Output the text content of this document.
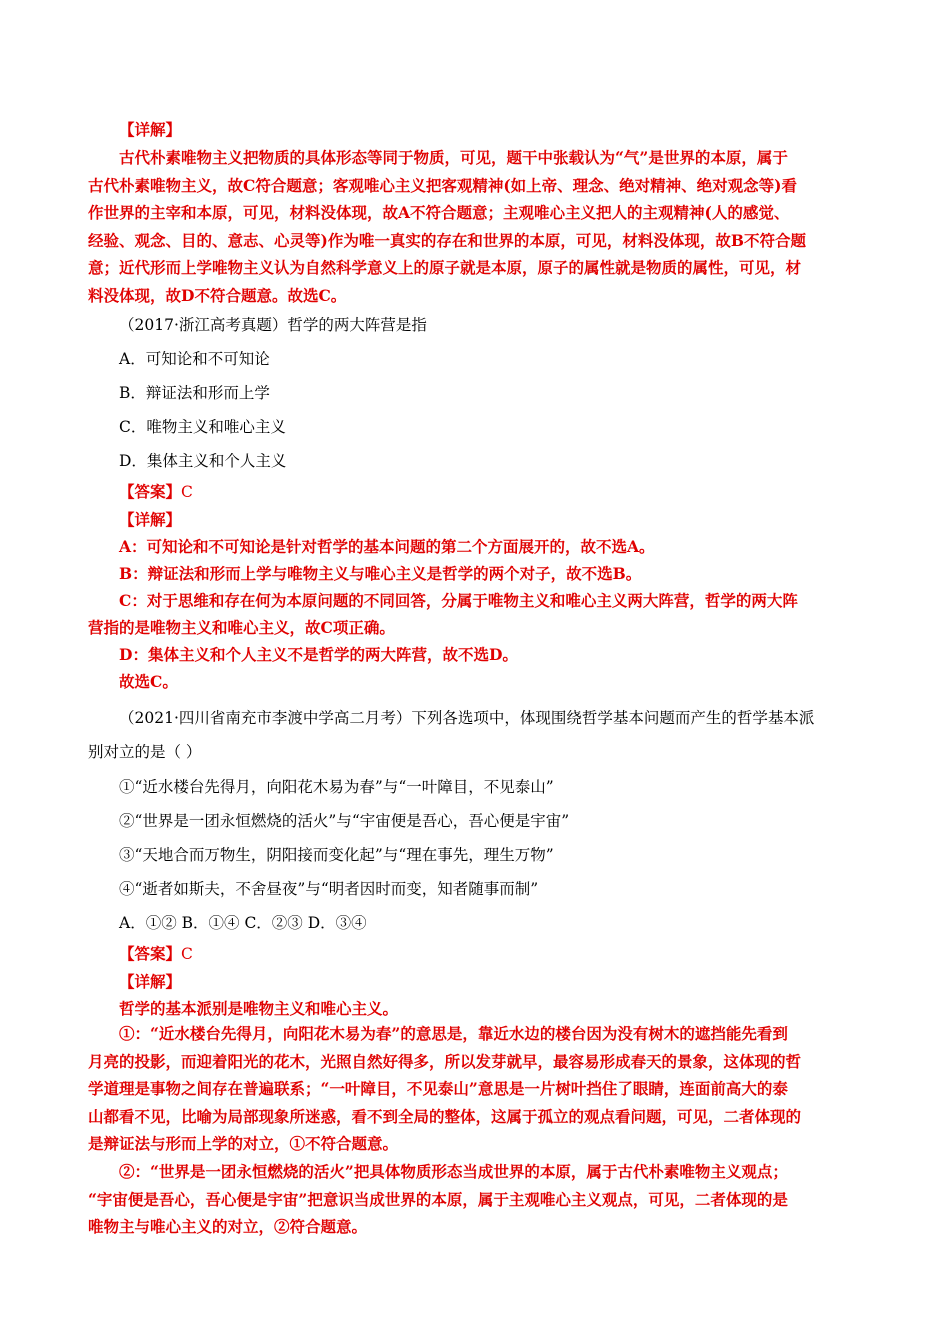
【详解】
古代朴素唯物主义把物质的具体形态等同于物质，可见，题干中张载认为“气”是世界的本原，属于
古代朴素唯物主义，故C符合题意；客观唯心主义把客观精神(如上帝、理念、绝对精神、绝对观念等)看
作世界的主宰和本原，可见，材料没体现，故A不符合题意；主观唯心主义把人的主观精神(人的感觉、
经验、观念、目的、意志、心灵等)作为唯一真实的存在和世界的本原，可见，材料没体现，故B不符合题
意；近代形而上学唯物主义认为自然科学意义上的原子就是本原，原子的属性就是物质的属性，可见，材
料没体现，故D不符合题意。故选C。
（2017·浙江高考真题）哲学的两大阵营是指
A．可知论和不可知论
B．辩证法和形而上学
C．唯物主义和唯心主义
D．集体主义和个人主义
【答案】C
【详解】
A：可知论和不可知论是针对哲学的基本问题的第二个方面展开的，故不选A。
B：辩证法和形而上学与唯物主义与唯心主义是哲学的两个对子，故不选B。
C：对于思维和存在何为本原问题的不同回答，分属于唯物主义和唯心主义两大阵营，哲学的两大阵
营指的是唯物主义和唯心主义，故C项正确。
D：集体主义和个人主义不是哲学的两大阵营，故不选D。
故选C。
（2021·四川省南充市李渡中学高二月考）下列各选项中，体现围绕哲学基本问题而产生的哲学基本派
别对立的是（ ）
①“近水楼台先得月，向阳花木易为春”与“一叶障目，不见泰山”
②“世界是一团永恒燃烧的活火”与“宇宙便是吾心，吾心便是宇宙”
③“天地合而万物生，阴阳接而变化起”与“理在事先，理生万物”
④“逝者如斯夫，不舍昼夜”与“明者因时而变，知者随事而制”
A．①② B．①④ C．②③ D．③④
【答案】C
【详解】
哲学的基本派别是唯物主义和唯心主义。
①：“近水楼台先得月，向阳花木易为春”的意思是，靠近水边的楼台因为没有树木的遮挡能先看到
月亮的投影，而迎着阳光的花木，光照自然好得多，所以发芽就早，最容易形成春天的景象，这体现的哲
学道理是事物之间存在普遍联系；“一叶障目，不见泰山”意思是一片树叶挡住了眼睛，连面前高大的泰
山都看不见，比喻为局部现象所迷惑，看不到全局的整体，这属于孤立的观点看问题，可见，二者体现的
是辩证法与形而上学的对立，①不符合题意。
②：“世界是一团永恒燃烧的活火”把具体物质形态当成世界的本原，属于古代朴素唯物主义观点；
“宇宙便是吾心，吾心便是宇宙”把意识当成世界的本原，属于主观唯心主义观点，可见，二者体现的是
唯物主与唯心主义的对立，②符合题意。
